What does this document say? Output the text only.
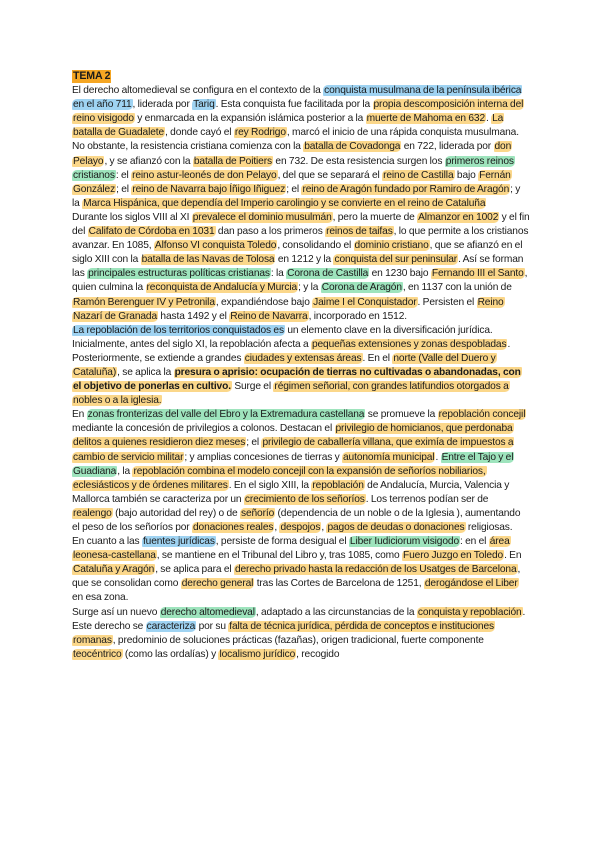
TEMA 2

El derecho altomedieval se configura en el contexto de la conquista musulmana de la península ibérica en el año 711, liderada por Tariq. Esta conquista fue facilitada por la propia descomposición interna del reino visigodo y enmarcada en la expansión islámica posterior a la muerte de Mahoma en 632. La batalla de Guadalete, donde cayó el rey Rodrigo, marcó el inicio de una rápida conquista musulmana. No obstante, la resistencia cristiana comienza con la batalla de Covadonga en 722, liderada por don Pelayo, y se afianzó con la batalla de Poitiers en 732. De esta resistencia surgen los primeros reinos cristianos: el reino astur-leonés de don Pelayo, del que se separará el reino de Castilla bajo Fernán González; el reino de Navarra bajo Íñigo Iñiguez; el reino de Aragón fundado por Ramiro de Aragón; y la Marca Hispánica, que dependía del Imperio carolingio y se convierte en el reino de Cataluña

Durante los siglos VIII al XI prevalece el dominio musulmán, pero la muerte de Almanzor en 1002 y el fin del Califato de Córdoba en 1031 dan paso a los primeros reinos de taifas, lo que permite a los cristianos avanzar. En 1085, Alfonso VI conquista Toledo, consolidando el dominio cristiano, que se afianzó en el siglo XIII con la batalla de las Navas de Tolosa en 1212 y la conquista del sur peninsular. Así se forman las principales estructuras políticas cristianas: la Corona de Castilla en 1230 bajo Fernando III el Santo, quien culmina la reconquista de Andalucía y Murcia; y la Corona de Aragón, en 1137 con la unión de Ramón Berenguer IV y Petronila, expandiéndose bajo Jaime I el Conquistador. Persisten el Reino Nazarí de Granada hasta 1492 y el Reino de Navarra, incorporado en 1512.

La repoblación de los territorios conquistados es un elemento clave en la diversificación jurídica. Inicialmente, antes del siglo XI, la repoblación afecta a pequeñas extensiones y zonas despobladas. Posteriormente, se extiende a grandes ciudades y extensas áreas. En el norte (Valle del Duero y Cataluña), se aplica la presura o aprisio: ocupación de tierras no cultivadas o abandonadas, con el objetivo de ponerlas en cultivo. Surge el régimen señorial, con grandes latifundios otorgados a nobles o a la iglesia.

En zonas fronterizas del valle del Ebro y la Extremadura castellana se promueve la repoblación concejil mediante la concesión de privilegios a colonos. Destacan el privilegio de homicianos, que perdonaba delitos a quienes residieron diez meses; el privilegio de caballería villana, que eximía de impuestos a cambio de servicio militar; y amplias concesiones de tierras y autonomía municipal. Entre el Tajo y el Guadiana, la repoblación combina el modelo concejil con la expansión de señoríos nobiliarios, eclesiásticos y de órdenes militares. En el siglo XIII, la repoblación de Andalucía, Murcia, Valencia y Mallorca también se caracteriza por un crecimiento de los señoríos. Los terrenos podían ser de realengo (bajo autoridad del rey) o de señorío (dependencia de un noble o de la Iglesia ), aumentando el peso de los señoríos por donaciones reales, despojos, pagos de deudas o donaciones religiosas.

En cuanto a las fuentes jurídicas, persiste de forma desigual el Liber Iudiciorum visigodo: en el área leonesa-castellana, se mantiene en el Tribunal del Libro y, tras 1085, como Fuero Juzgo en Toledo. En Cataluña y Aragón, se aplica para el derecho privado hasta la redacción de los Usatges de Barcelona, que se consolidan como derecho general tras las Cortes de Barcelona de 1251, derogándose el Liber en esa zona.

Surge así un nuevo derecho altomedieval, adaptado a las circunstancias de la conquista y repoblación. Este derecho se caracteriza por su falta de técnica jurídica, pérdida de conceptos e instituciones romanas, predominio de soluciones prácticas (fazañas), origen tradicional, fuerte componente teocéntrico (como las ordalías) y localismo jurídico, recogido
